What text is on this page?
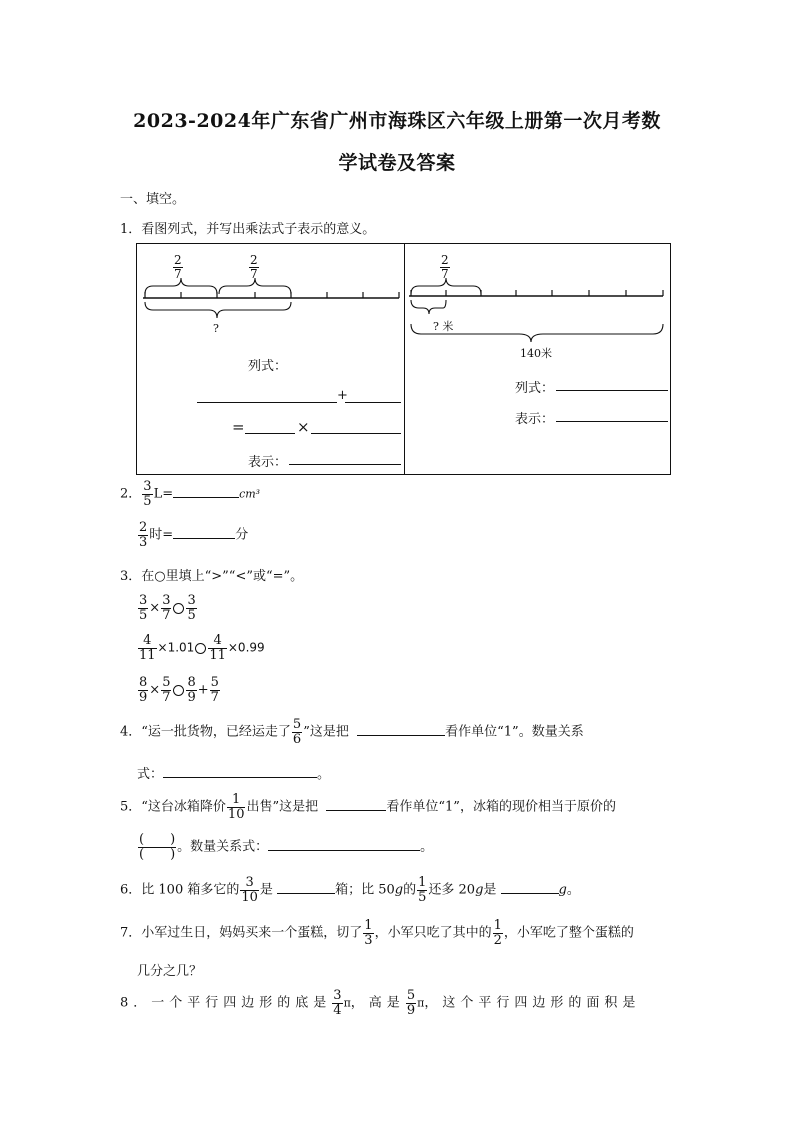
2023-2024年广东省广州市海珠区六年级上册第一次月考数
学试卷及答案
一、填空。
1．看图列式，并写出乘法式子表示的意义。
$\frac{2}{7}$	$\frac{2}{7}$
?
列式：
+
=	×
表示：
$\frac{2}{7}$
? 米
140米
列式：
表示：
2． $\frac{3}{5} L=$	cm³
$\frac{2}{3}$ 时=	分
3．在○里填上“>”“<”或“=”。
$\frac{3}{5} \times \frac{3}{7} \frac{3}{5}$
$\frac{4}{11} \times 1.01 \frac{4}{11} \times 0.99$
$\frac{8}{9} \times \frac{5}{7} \frac{8}{9} + \frac{5}{7}$
4．“运一批货物，已经运走了 $\frac{5}{6}$ ”这是把	看作单位“1”。数量关系
式：	。
5．“这台冰箱降价 $\frac{1}{10}$ 出售”这是把	看作单位“1”，冰箱的现价相当于原价的
$\frac{( )}{( )}$ 。数量关系式：	。
6．比 100 箱多它的 $\frac{3}{10}$ 是	箱；比 50g的 $\frac{1}{5}$ 还多 20g是	g。
7．小军过生日，妈妈买来一个蛋糕，切了 $\frac{1}{3}$ ，小军只吃了其中的 $\frac{1}{2}$ ，小军吃了整个蛋糕的
几分之几？
8．一个平行四边形的底是 $\frac{3}{4}$ π，高是 $\frac{5}{9}$ π，这个平行四边形的面积是
